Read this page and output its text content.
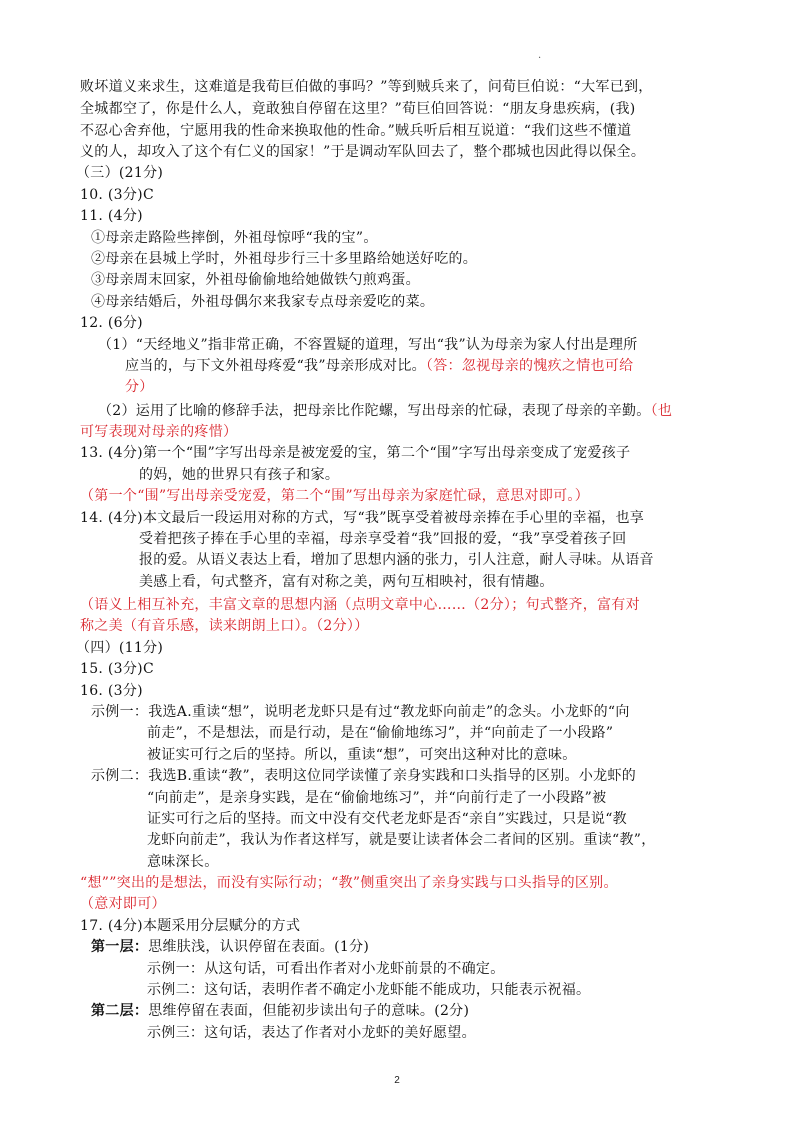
.
败坏道义来求生，这难道是我荀巨伯做的事吗？”等到贼兵来了，问荀巨伯说：“大军已到，
全城都空了，你是什么人，竟敢独自停留在这里？”荀巨伯回答说：“朋友身患疾病，(我)
不忍心舍弃他，宁愿用我的性命来换取他的性命。”贼兵听后相互说道：“我们这些不懂道
义的人，却攻入了这个有仁义的国家！”于是调动军队回去了，整个郡城也因此得以保全。
（三）(21分)
10. (3分)C
11. (4分)
①母亲走路险些摔倒，外祖母惊呼“我的宝”。
②母亲在县城上学时，外祖母步行三十多里路给她送好吃的。
③母亲周末回家，外祖母偷偷地给她做铁勺煎鸡蛋。
④母亲结婚后，外祖母偶尔来我家专点母亲爱吃的菜。
12. (6分)
（1）“天经地义”指非常正确，不容置疑的道理，写出“我”认为母亲为家人付出是理所
应当的，与下文外祖母疼爱“我”母亲形成对比。（答：忽视母亲的愧疚之情也可给
分）
（2）运用了比喻的修辞手法，把母亲比作陀螺，写出母亲的忙碌，表现了母亲的辛勤。（也
可写表现对母亲的疼惜）
13. (4分)第一个“围”字写出母亲是被宠爱的宝，第二个“围”字写出母亲变成了宠爱孩子
的妈，她的世界只有孩子和家。
（第一个“围”写出母亲受宠爱，第二个“围”写出母亲为家庭忙碌，意思对即可。）
14. (4分)本文最后一段运用对称的方式，写“我”既享受着被母亲捧在手心里的幸福，也享
受着把孩子捧在手心里的幸福，母亲享受着“我”回报的爱，“我”享受着孩子回
报的爱。从语义表达上看，增加了思想内涵的张力，引人注意，耐人寻味。从语音
美感上看，句式整齐，富有对称之美，两句互相映衬，很有情趣。
（语义上相互补充，丰富文章的思想内涵（点明文章中心……（2分）；句式整齐，富有对
称之美（有音乐感，读来朗朗上口）。（2分））
（四）(11分)
15. (3分)C
16. (3分)
示例一：我选A.重读“想”，说明老龙虾只是有过“教龙虾向前走”的念头。小龙虾的“向
前走”，不是想法，而是行动，是在“偷偷地练习”，并“向前走了一小段路”
被证实可行之后的坚持。所以，重读“想”，可突出这种对比的意味。
示例二：我选B.重读“教”，表明这位同学读懂了亲身实践和口头指导的区别。小龙虾的
“向前走”，是亲身实践，是在“偷偷地练习”，并“向前行走了一小段路”被
证实可行之后的坚持。而文中没有交代老龙虾是否“亲自”实践过，只是说“教
龙虾向前走”，我认为作者这样写，就是要让读者体会二者间的区别。重读“教”，
意味深长。
“想””突出的是想法，而没有实际行动；“教”侧重突出了亲身实践与口头指导的区别。
（意对即可）
17. (4分)本题采用分层赋分的方式
第一层：思维肤浅，认识停留在表面。(1分)
示例一：从这句话，可看出作者对小龙虾前景的不确定。
示例二：这句话，表明作者不确定小龙虾能不能成功，只能表示祝福。
第二层：思维停留在表面，但能初步读出句子的意味。(2分)
示例三：这句话，表达了作者对小龙虾的美好愿望。
2
